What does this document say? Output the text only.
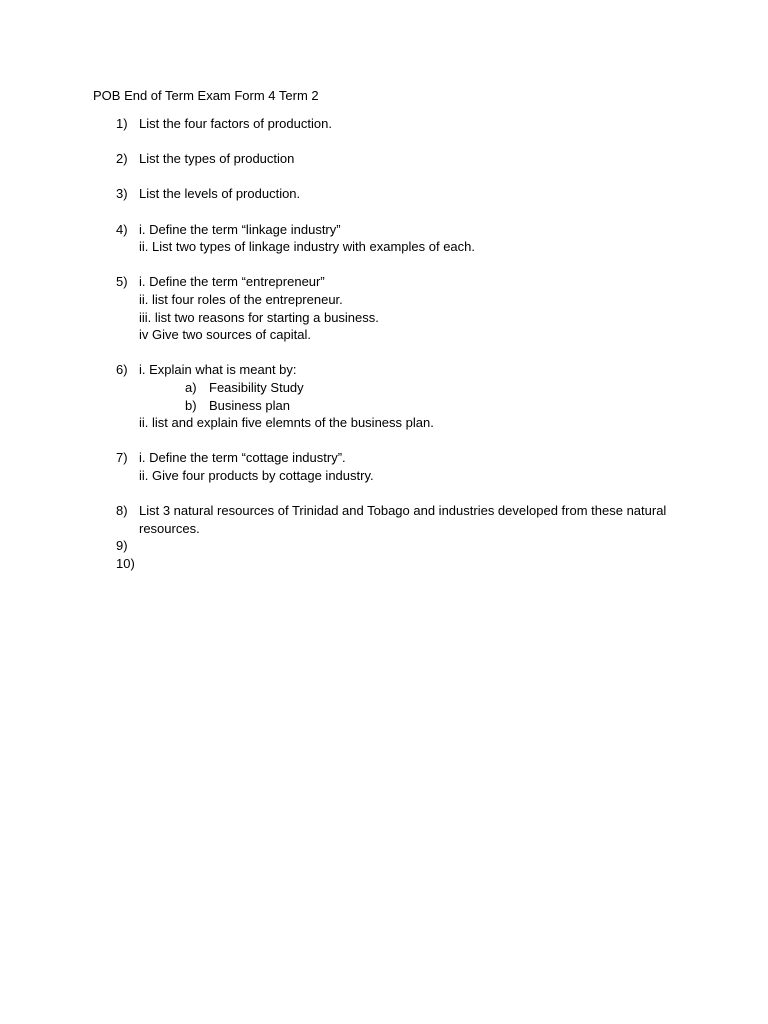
POB End of Term Exam Form 4 Term 2
1) List the four factors of production.
2) List the types of production
3) List the levels of production.
4) i. Define the term “linkage industry”
ii. List two types of linkage industry with examples of each.
5) i. Define the term “entrepreneur”
ii. list four roles of the entrepreneur.
iii. list two reasons for starting a business.
iv Give two sources of capital.
6) i. Explain what is meant by:
a) Feasibility Study
b) Business plan
ii. list and explain five elemnts of the business plan.
7) i. Define the term “cottage industry”.
ii. Give four products by cottage industry.
8) List 3 natural resources of Trinidad and Tobago and industries developed from these natural resources.
9)

10)
